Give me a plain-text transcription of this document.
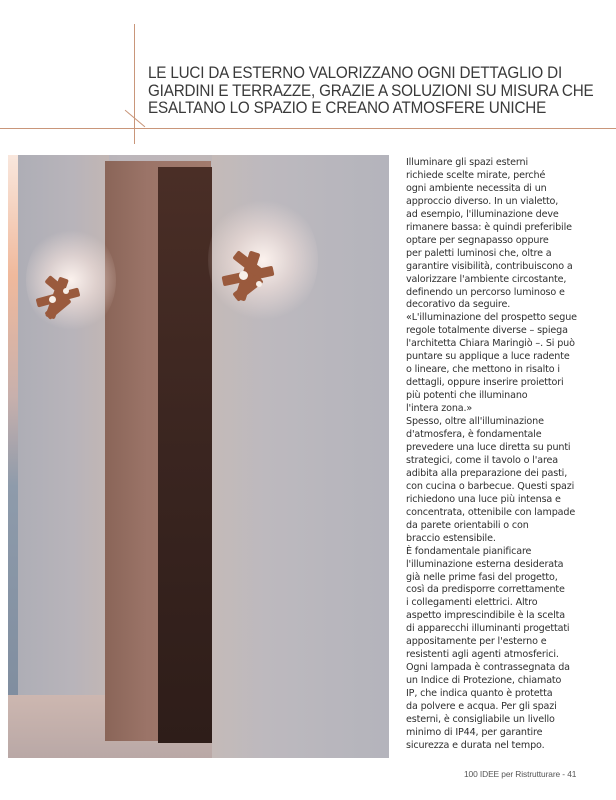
LE LUCI DA ESTERNO VALORIZZANO OGNI DETTAGLIO DI
GIARDINI E TERRAZZE, GRAZIE A SOLUZIONI SU MISURA CHE
ESALTANO LO SPAZIO E CREANO ATMOSFERE UNICHE

Illuminare gli spazi esterni

richiede scelte mirate, perché

ogni ambiente necessita di un

approccio diverso. In un vialetto,

ad esempio, l'illuminazione deve

rimanere bassa: è quindi preferibile

optare per segnapasso oppure

per paletti luminosi che, oltre a

garantire visibilità, contribuiscono a

valorizzare l'ambiente circostante,

definendo un percorso luminoso e

decorativo da seguire.

«L'illuminazione del prospetto segue

regole totalmente diverse – spiega

l'architetta Chiara Maringiò –. Si può

puntare su applique a luce radente

o lineare, che mettono in risalto i

dettagli, oppure inserire proiettori

più potenti che illuminano

l'intera zona.»

Spesso, oltre all'illuminazione

d'atmosfera, è fondamentale

prevedere una luce diretta su punti

strategici, come il tavolo o l'area

adibita alla preparazione dei pasti,

con cucina o barbecue. Questi spazi

richiedono una luce più intensa e

concentrata, ottenibile con lampade

da parete orientabili o con

braccio estensibile.

È fondamentale pianificare

l'illuminazione esterna desiderata

già nelle prime fasi del progetto,

così da predisporre correttamente

i collegamenti elettrici. Altro

aspetto imprescindibile è la scelta

di apparecchi illuminanti progettati

appositamente per l'esterno e

resistenti agli agenti atmosferici.

Ogni lampada è contrassegnata da

un Indice di Protezione, chiamato

IP, che indica quanto è protetta

da polvere e acqua. Per gli spazi

esterni, è consigliabile un livello

minimo di IP44, per garantire

sicurezza e durata nel tempo.

100 IDEE per Ristrutturare - 41
